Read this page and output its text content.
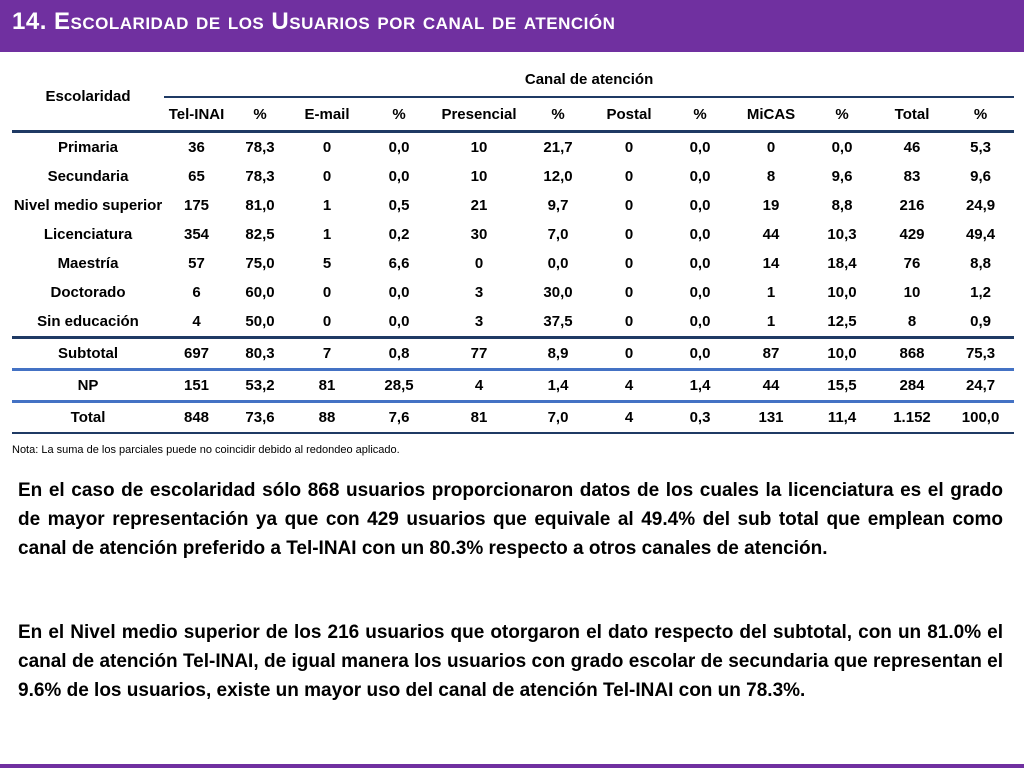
14. Escolaridad de los Usuarios por canal de atención
Escolaridad	Canal de atención											
	Tel-INAI	%	E-mail	%	Presencial	%	Postal	%	MiCAS	%	Total	%
Primaria	36	78,3	0	0,0	10	21,7	0	0,0	0	0,0	46	5,3
Secundaria	65	78,3	0	0,0	10	12,0	0	0,0	8	9,6	83	9,6
Nivel medio superior	175	81,0	1	0,5	21	9,7	0	0,0	19	8,8	216	24,9
Licenciatura	354	82,5	1	0,2	30	7,0	0	0,0	44	10,3	429	49,4
Maestría	57	75,0	5	6,6	0	0,0	0	0,0	14	18,4	76	8,8
Doctorado	6	60,0	0	0,0	3	30,0	0	0,0	1	10,0	10	1,2
Sin educación	4	50,0	0	0,0	3	37,5	0	0,0	1	12,5	8	0,9
Subtotal	697	80,3	7	0,8	77	8,9	0	0,0	87	10,0	868	75,3
NP	151	53,2	81	28,5	4	1,4	4	1,4	44	15,5	284	24,7
Total	848	73,6	88	7,6	81	7,0	4	0,3	131	11,4	1.152	100,0
Nota: La suma de los parciales puede no coincidir debido al redondeo aplicado.

En el caso de escolaridad sólo 868 usuarios proporcionaron datos de los cuales la licenciatura es el grado de mayor representación ya que con 429 usuarios que equivale al 49.4% del sub total que emplean como canal de atención preferido a Tel-INAI con un 80.3% respecto a otros canales de atención.

En el Nivel medio superior de los 216 usuarios que otorgaron el dato respecto del subtotal, con un 81.0% el canal de atención Tel-INAI, de igual manera los usuarios con grado escolar de secundaria que representan el 9.6% de los usuarios, existe un mayor uso del canal de atención Tel-INAI con un 78.3%.
